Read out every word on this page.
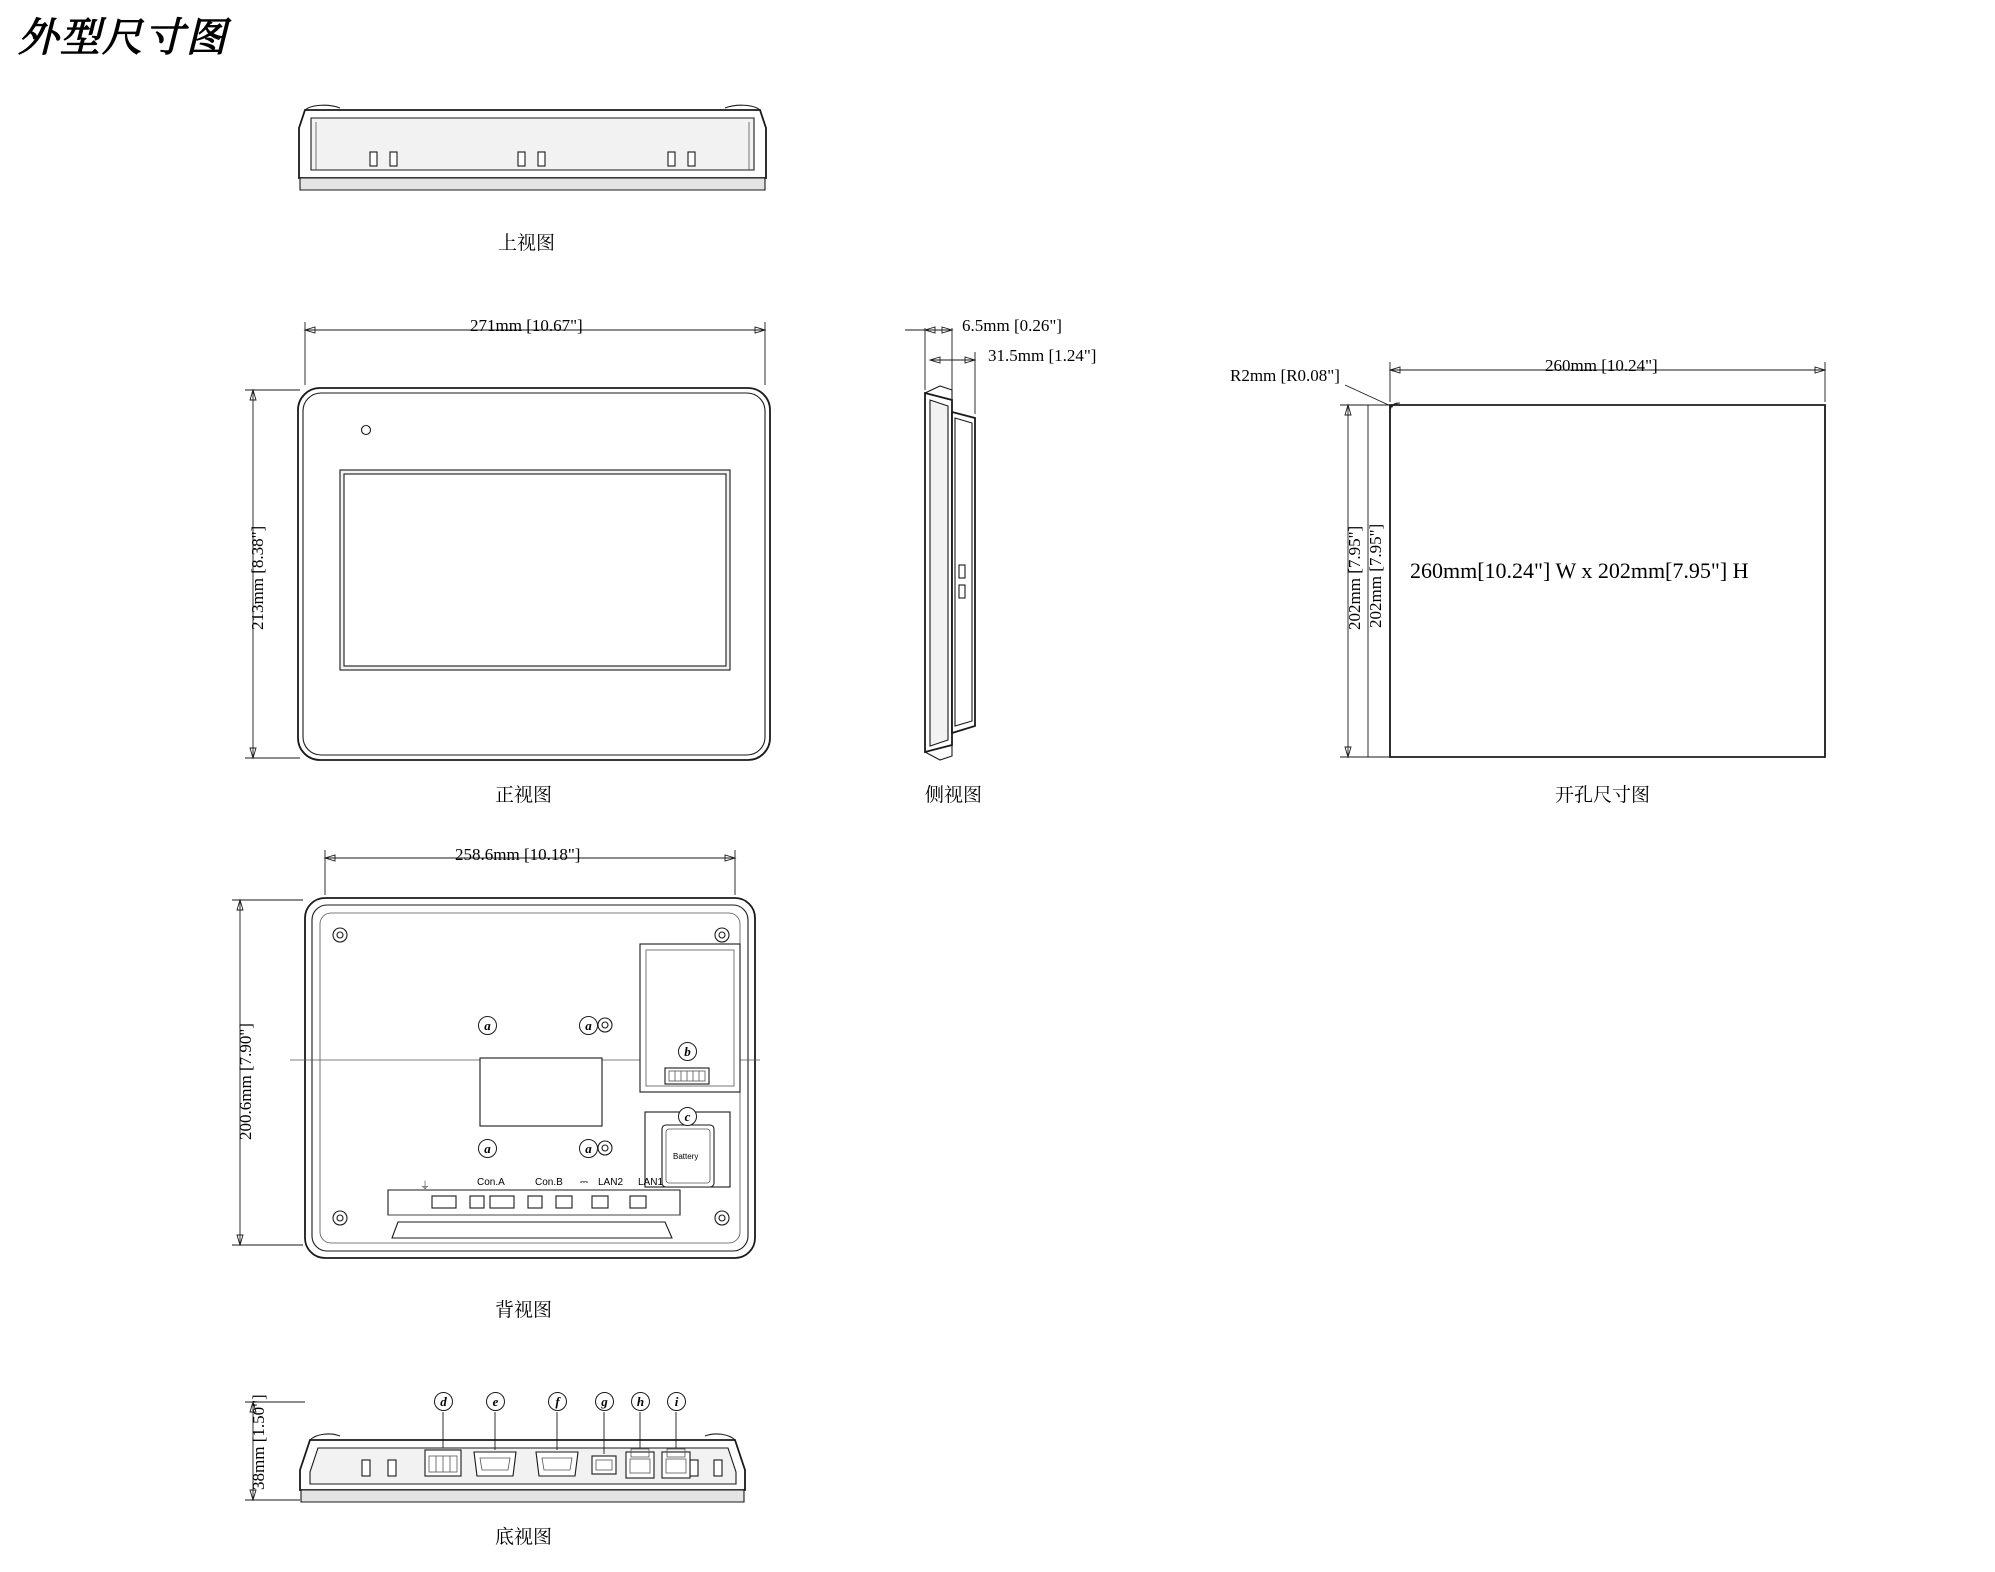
外型尺寸图
上视图
271mm [10.67"]
213mm [8.38"]
正视图
6.5mm [0.26"]
31.5mm [1.24"]
侧视图
R2mm [R0.08"]
260mm [10.24"]
202mm [7.95"] 202mm [7.95"] 260mm[10.24"] W x 202mm[7.95"] H
开孔尺寸图
258.6mm [10.18"]
200.6mm [7.90"]
背视图
a	a
a	a
b
c
Battery
Con.A	Con.B	LAN2 LAN1
⏚	⎓
38mm [1.50"]
底视图
d	e	f	g	h	i
